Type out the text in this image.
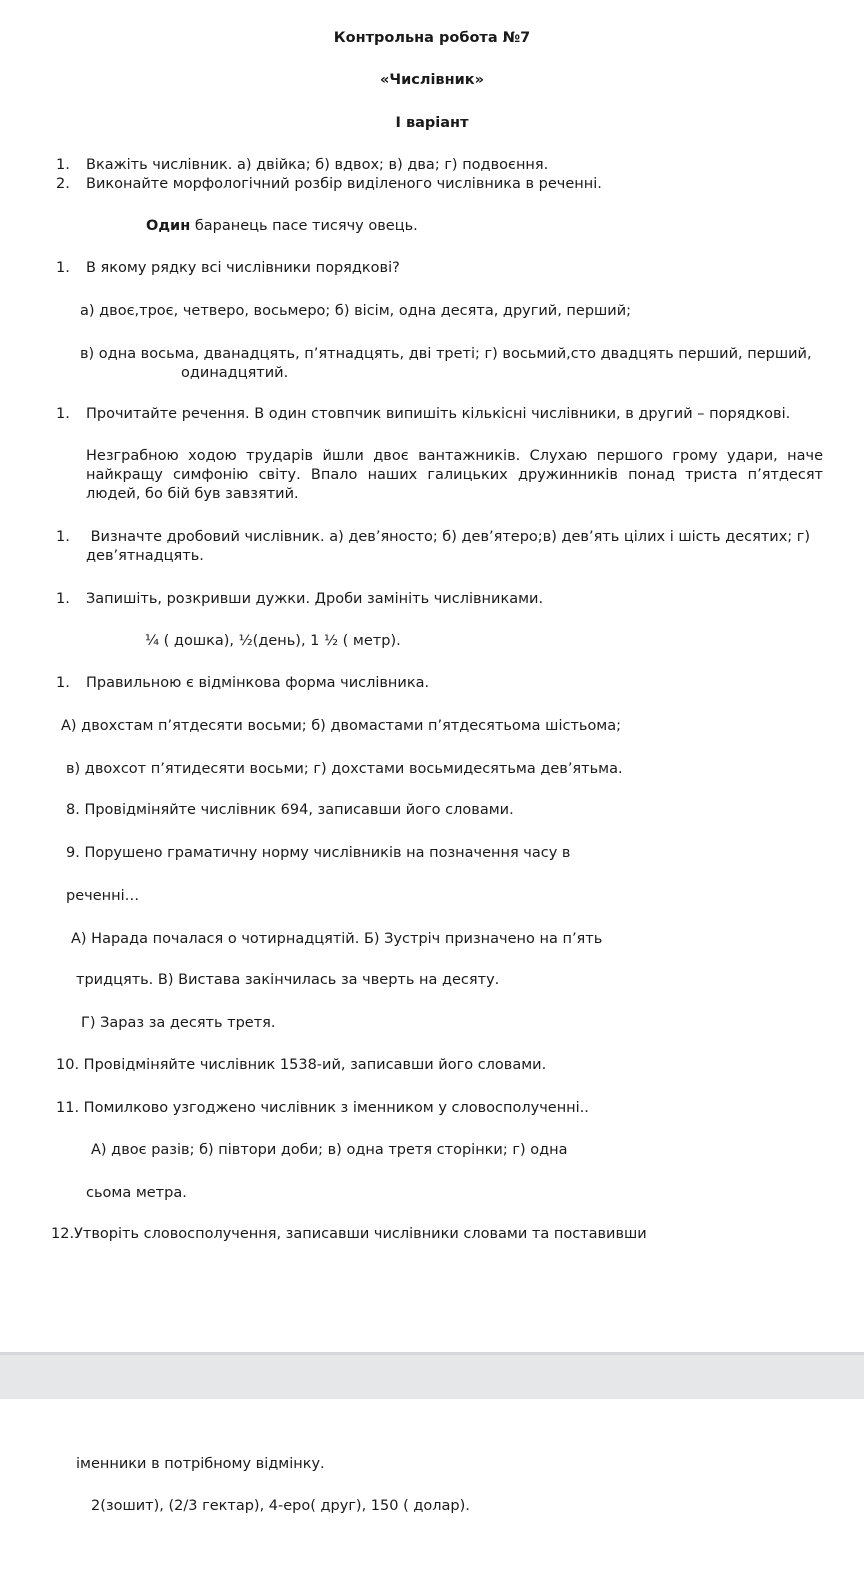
Контрольна робота №7
«Числівник»
І варіант
1. Вкажіть числівник. а) двійка; б) вдвох; в) два; г) подвоєння.
2. Виконайте морфологічний розбір виділеного числівника в реченні.
Один баранець пасе тисячу овець.
1. В якому рядку всі числівники порядкові?
а) двоє,троє, четверо, восьмеро; б) вісім, одна десята, другий, перший;
в) одна восьма, дванадцять, п’ятнадцять, дві треті; г) восьмий,сто двадцять перший, перший,
одинадцятий.
1. Прочитайте речення. В один стовпчик випишіть кількісні числівники, в другий – порядкові.
Незграбною ходою трударів йшли двоє вантажників. Слухаю першого грому удари, наче найкращу симфонію світу. Впало наших галицьких дружинників понад триста п’ятдесят людей, бо бій був завзятий.
1. Визначте дробовий числівник. а) дев’яносто; б) дев’ятеро;в) дев’ять цілих і шість десятих; г)
дев’ятнадцять.
1. Запишіть, розкривши дужки. Дроби замініть числівниками.
¼ ( дошка), ½(день), 1 ½ ( метр).
1. Правильною є відмінкова форма числівника.
А) двохстам п’ятдесяти восьми; б) двомастами п’ятдесятьома шістьома;
в) двохсот п’ятидесяти восьми; г) дохстами восьмидесятьма дев’ятьма.
8. Провідміняйте числівник 694, записавши його словами.
9. Порушено граматичну норму числівників на позначення часу в
реченні…
А) Нарада почалася о чотирнадцятій. Б) Зустріч призначено на п’ять
тридцять. В) Вистава закінчилась за чверть на десяту.
Г) Зараз за десять третя.
10. Провідміняйте числівник 1538-ий, записавши його словами.
11. Помилково узгоджено числівник з іменником у словосполученні..
А) двоє разів; б) півтори доби; в) одна третя сторінки; г) одна
сьома метра.
12.Утворіть словосполучення, записавши числівники словами та поставивши
іменники в потрібному відмінку.
2(зошит), (2/3 гектар), 4-еро( друг), 150 ( долар).
